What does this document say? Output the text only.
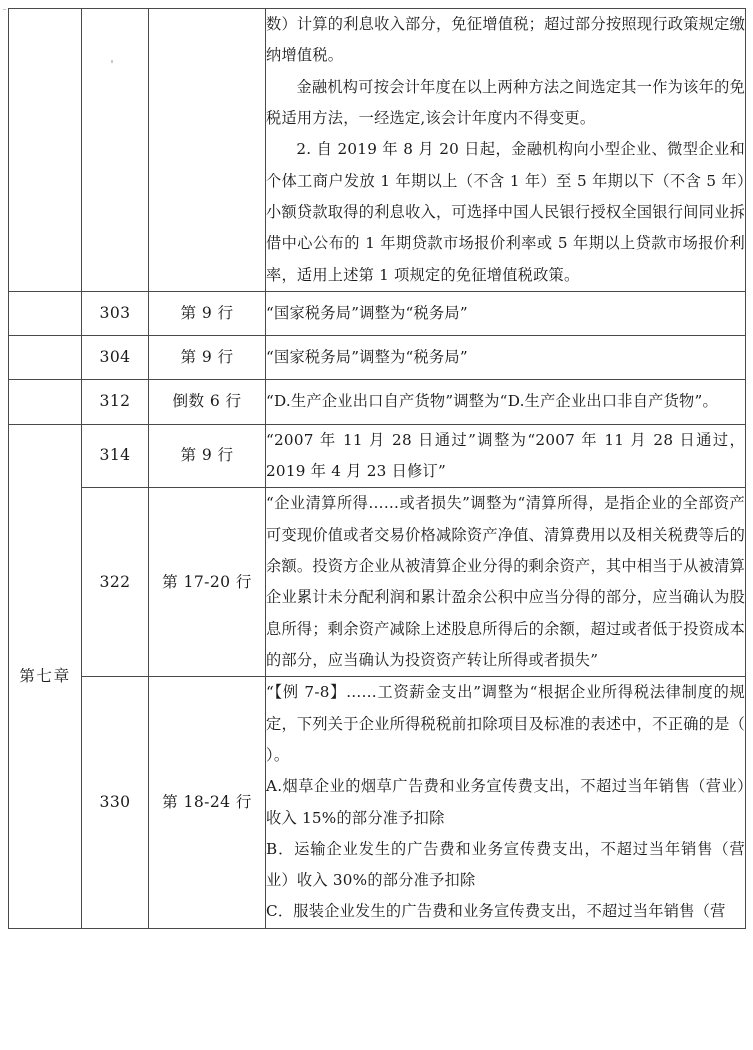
			数）计算的利息收入部分，免征增值税；超过部分按照现行政策规定缴纳增值税。

金融机构可按会计年度在以上两种方法之间选定其一作为该年的免税适用方法，一经选定,该会计年度内不得变更。

2. 自 2019 年 8 月 20 日起，金融机构向小型企业、微型企业和个体工商户发放 1 年期以上（不含 1 年）至 5 年期以下（不含 5 年）小额贷款取得的利息收入，可选择中国人民银行授权全国银行间同业拆借中心公布的 1 年期贷款市场报价利率或 5 年期以上贷款市场报价利率，适用上述第 1 项规定的免征增值税政策。

	303	第 9 行	“国家税务局”调整为“税务局”

	304	第 9 行	“国家税务局”调整为“税务局”

	312	倒数 6 行	“D.生产企业出口自产货物”调整为“D.生产企业出口非自产货物”。

第七章	314	第 9 行	“2007 年 11 月 28 日通过”调整为“2007 年 11 月 28 日通过，2019 年 4 月 23 日修订”

	322	第 17-20 行	“企业清算所得……或者损失”调整为“清算所得，是指企业的全部资产可变现价值或者交易价格减除资产净值、清算费用以及相关税费等后的余额。投资方企业从被清算企业分得的剩余资产，其中相当于从被清算企业累计未分配利润和累计盈余公积中应当分得的部分，应当确认为股息所得；剩余资产减除上述股息所得后的余额，超过或者低于投资成本的部分，应当确认为投资资产转让所得或者损失”

	330	第 18-24 行	“【例 7-8】……工资薪金支出”调整为“根据企业所得税法律制度的规定，下列关于企业所得税税前扣除项目及标准的表述中，不正确的是（ ）。

A.烟草企业的烟草广告费和业务宣传费支出，不超过当年销售（营业）收入 15%的部分准予扣除

B．运输企业发生的广告费和业务宣传费支出，不超过当年销售（营业）收入 30%的部分准予扣除

C．服装企业发生的广告费和业务宣传费支出，不超过当年销售（营
